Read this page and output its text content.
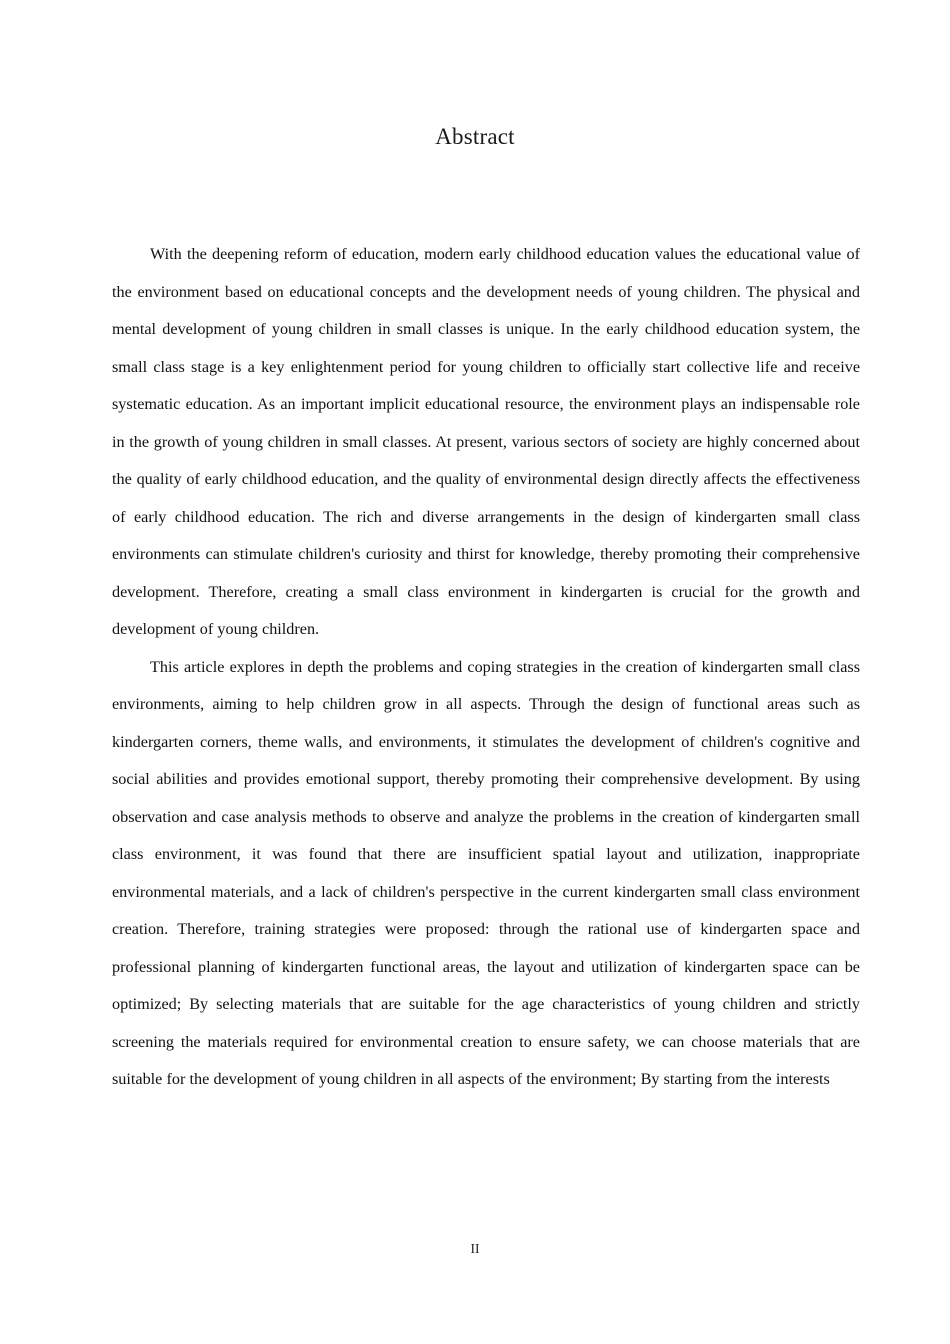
Abstract

With the deepening reform of education, modern early childhood education values the educational value of the environment based on educational concepts and the development needs of young children. The physical and mental development of young children in small classes is unique. In the early childhood education system, the small class stage is a key enlightenment period for young children to officially start collective life and receive systematic education. As an important implicit educational resource, the environment plays an indispensable role in the growth of young children in small classes. At present, various sectors of society are highly concerned about the quality of early childhood education, and the quality of environmental design directly affects the effectiveness of early childhood education. The rich and diverse arrangements in the design of kindergarten small class environments can stimulate children's curiosity and thirst for knowledge, thereby promoting their comprehensive development. Therefore, creating a small class environment in kindergarten is crucial for the growth and development of young children.

This article explores in depth the problems and coping strategies in the creation of kindergarten small class environments, aiming to help children grow in all aspects. Through the design of functional areas such as kindergarten corners, theme walls, and environments, it stimulates the development of children's cognitive and social abilities and provides emotional support, thereby promoting their comprehensive development. By using observation and case analysis methods to observe and analyze the problems in the creation of kindergarten small class environment, it was found that there are insufficient spatial layout and utilization, inappropriate environmental materials, and a lack of children's perspective in the current kindergarten small class environment creation. Therefore, training strategies were proposed: through the rational use of kindergarten space and professional planning of kindergarten functional areas, the layout and utilization of kindergarten space can be optimized; By selecting materials that are suitable for the age characteristics of young children and strictly screening the materials required for environmental creation to ensure safety, we can choose materials that are suitable for the development of young children in all aspects of the environment; By starting from the interests

II
